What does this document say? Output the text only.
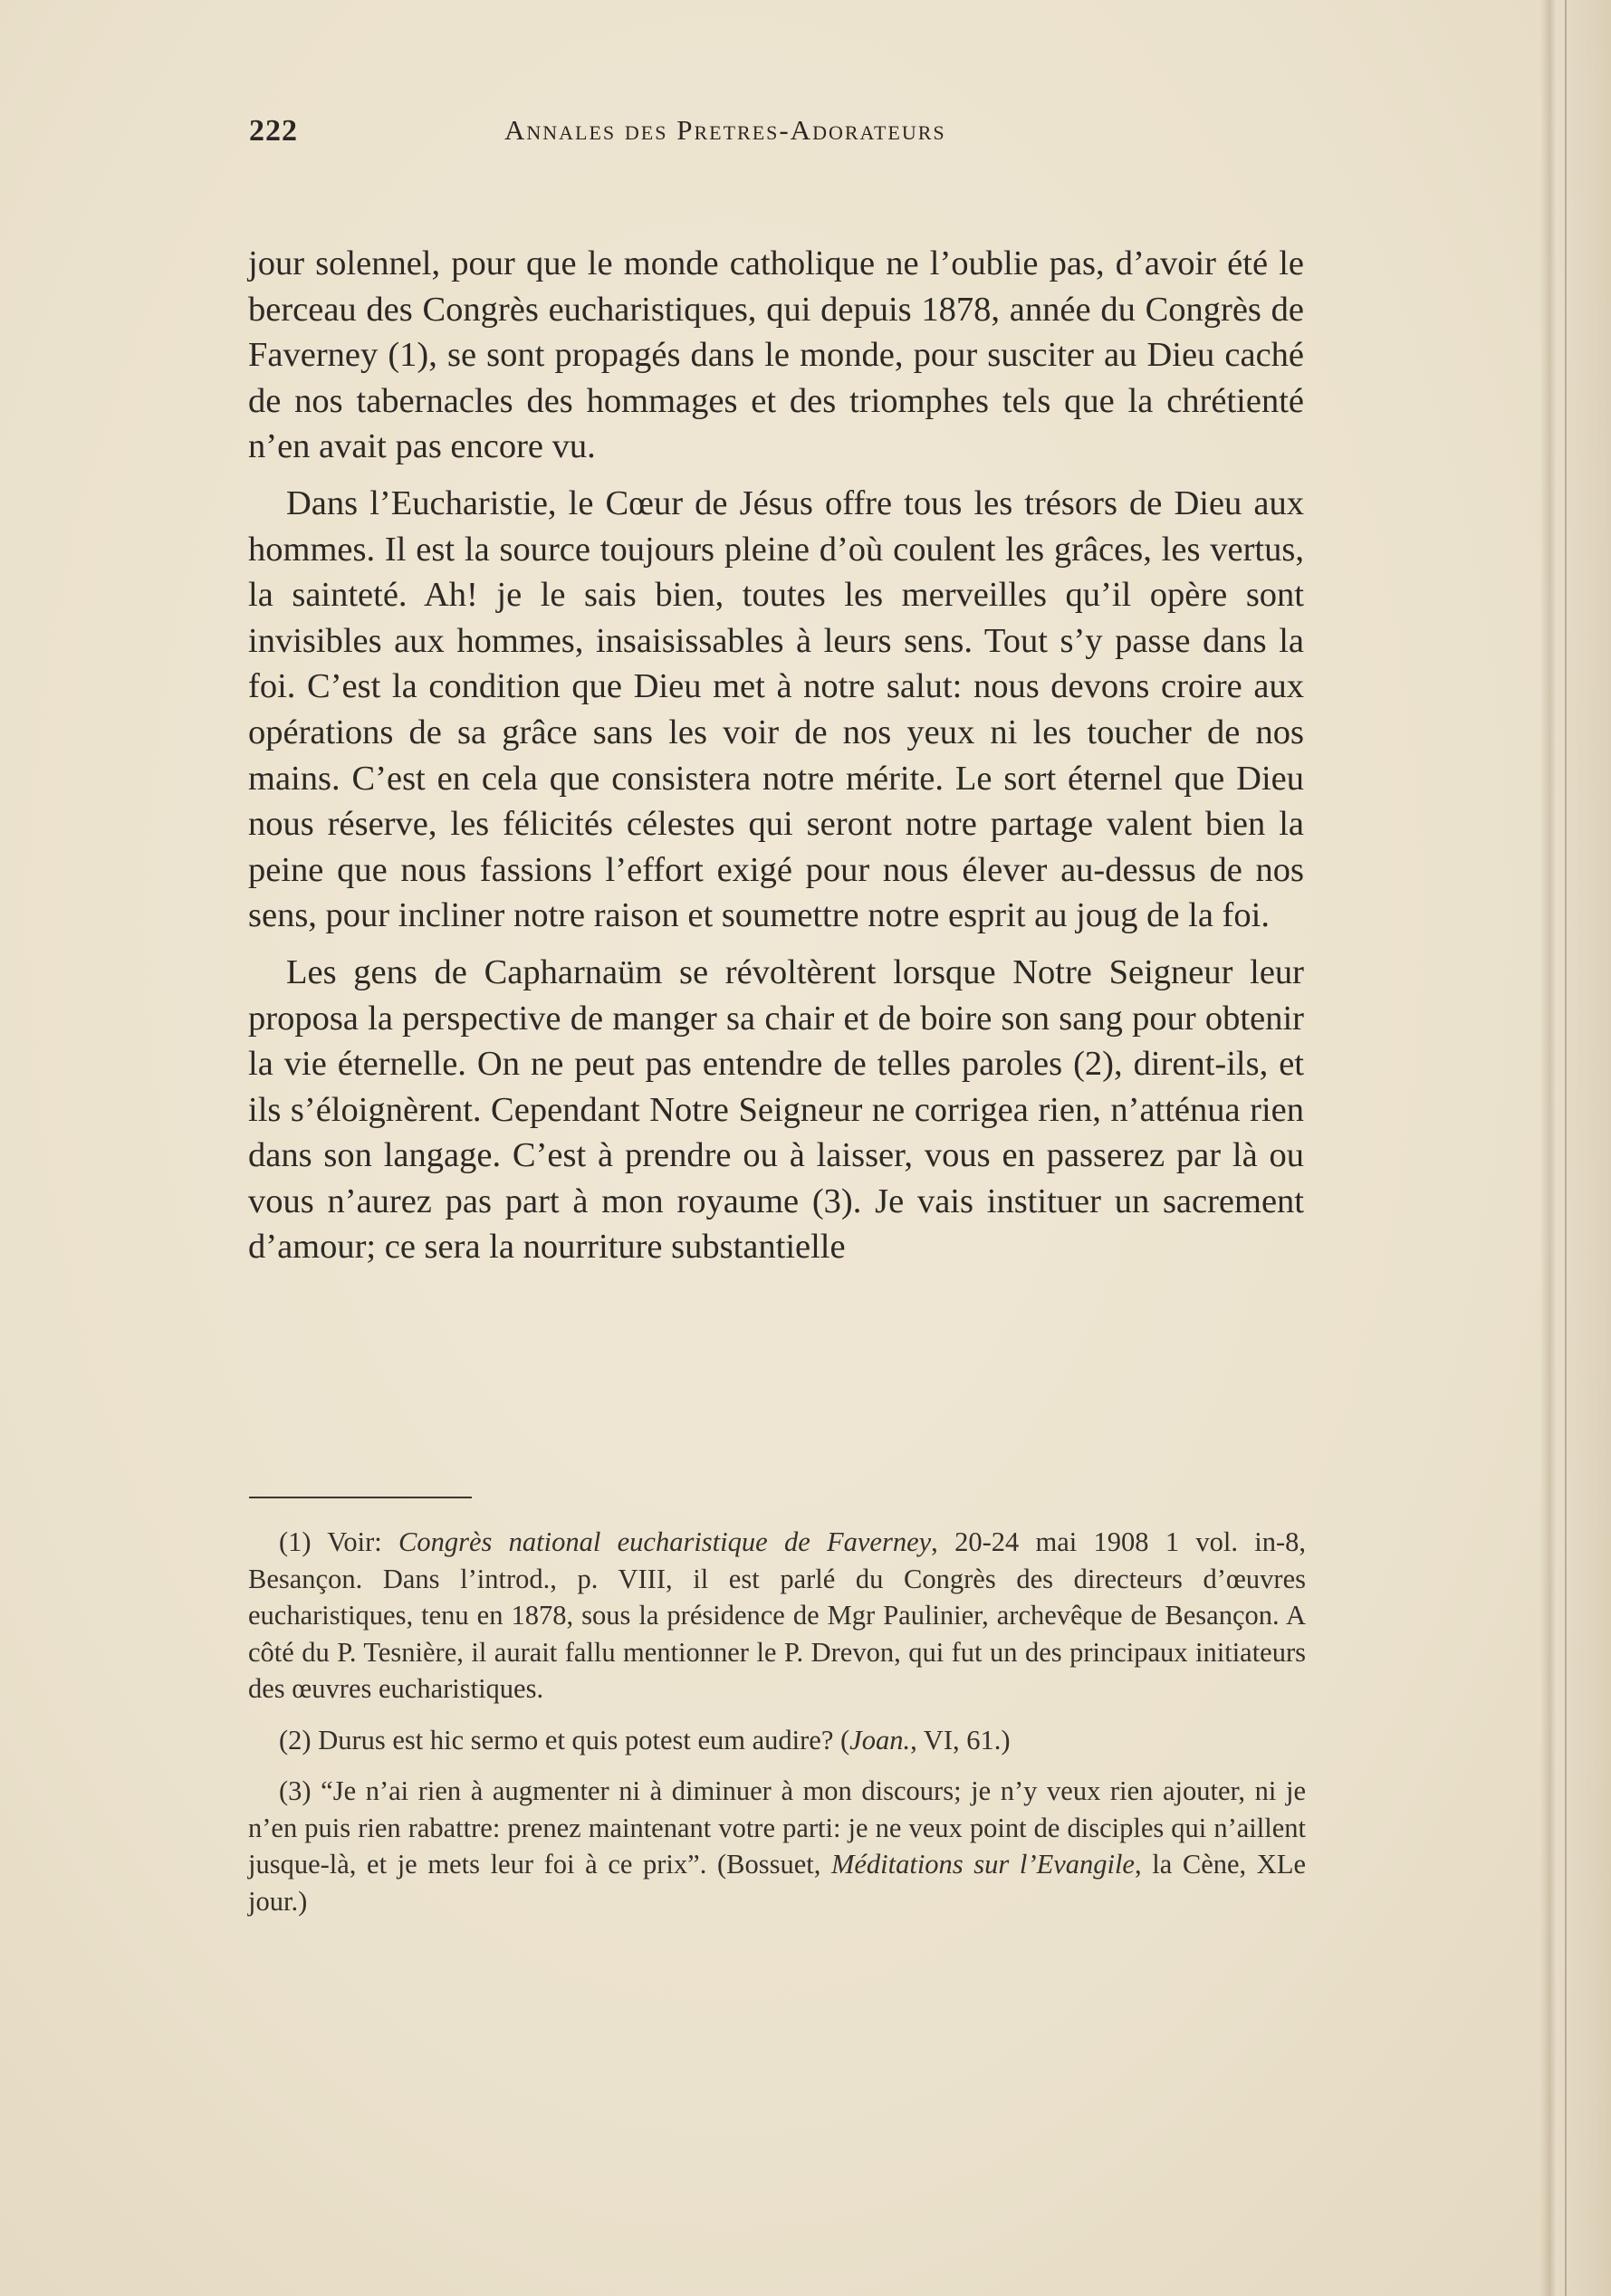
222	Annales des Pretres-Adorateurs

jour solennel, pour que le monde catholique ne l’oublie pas, d’avoir été le berceau des Congrès eucharistiques, qui depuis 1878, année du Congrès de Faverney (1), se sont propagés dans le monde, pour susciter au Dieu caché de nos tabernacles des hommages et des triomphes tels que la chrétienté n’en avait pas encore vu.

Dans l’Eucharistie, le Cœur de Jésus offre tous les trésors de Dieu aux hommes. Il est la source toujours pleine d’où coulent les grâces, les vertus, la sainteté. Ah! je le sais bien, toutes les merveilles qu’il opère sont invisibles aux hommes, insaisissables à leurs sens. Tout s’y passe dans la foi. C’est la condition que Dieu met à notre salut: nous devons croire aux opérations de sa grâce sans les voir de nos yeux ni les toucher de nos mains. C’est en cela que consistera notre mérite. Le sort éternel que Dieu nous réserve, les félicités célestes qui seront notre partage valent bien la peine que nous fassions l’effort exigé pour nous élever au-dessus de nos sens, pour incliner notre raison et soumettre notre esprit au joug de la foi.

Les gens de Capharnaüm se révoltèrent lorsque Notre Seigneur leur proposa la perspective de manger sa chair et de boire son sang pour obtenir la vie éternelle. On ne peut pas entendre de telles paroles (2), dirent-ils, et ils s’éloignèrent. Cependant Notre Seigneur ne corrigea rien, n’atténua rien dans son langage. C’est à prendre ou à laisser, vous en passerez par là ou vous n’aurez pas part à mon royaume (3). Je vais instituer un sacrement d’amour; ce sera la nourriture substantielle

(1) Voir: Congrès national eucharistique de Faverney, 20-24 mai 1908 1 vol. in-8, Besançon. Dans l’introd., p. VIII, il est parlé du Congrès des directeurs d’œuvres eucharistiques, tenu en 1878, sous la présidence de Mgr Paulinier, archevêque de Besançon. A côté du P. Tesnière, il aurait fallu mentionner le P. Drevon, qui fut un des principaux initiateurs des œuvres eucharistiques.

(2) Durus est hic sermo et quis potest eum audire? (Joan., VI, 61.)

(3) “Je n’ai rien à augmenter ni à diminuer à mon discours; je n’y veux rien ajouter, ni je n’en puis rien rabattre: prenez maintenant votre parti: je ne veux point de disciples qui n’aillent jusque-là, et je mets leur foi à ce prix”. (Bossuet, Méditations sur l’Evangile, la Cène, XLe jour.)
